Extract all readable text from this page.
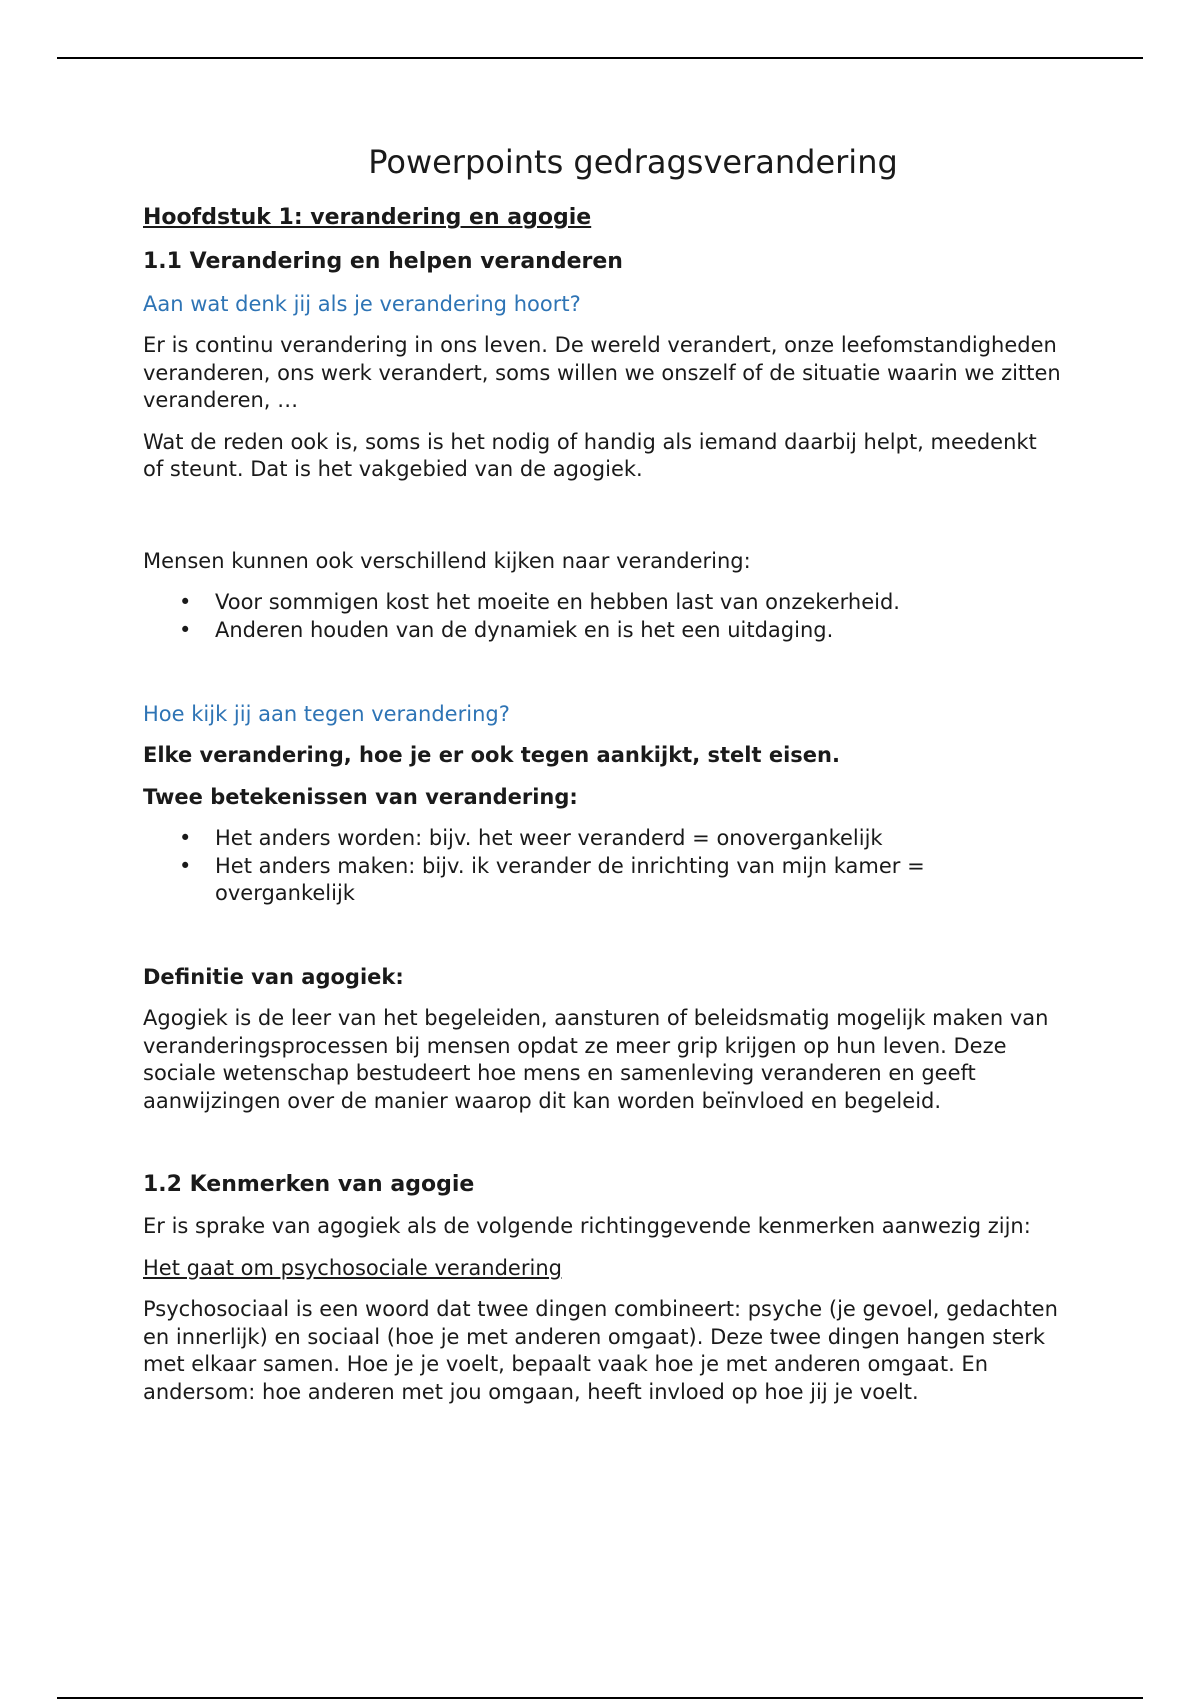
Powerpoints gedragsverandering
Hoofdstuk 1: verandering en agogie
1.1 Verandering en helpen veranderen
Aan wat denk jij als je verandering hoort?

Er is continu verandering in ons leven. De wereld verandert, onze leefomstandigheden veranderen, ons werk verandert, soms willen we onszelf of de situatie waarin we zitten veranderen, …

Wat de reden ook is, soms is het nodig of handig als iemand daarbij helpt, meedenkt of steunt. Dat is het vakgebied van de agogiek.

Mensen kunnen ook verschillend kijken naar verandering:

• Voor sommigen kost het moeite en hebben last van onzekerheid.
• Anderen houden van de dynamiek en is het een uitdaging.
Hoe kijk jij aan tegen verandering?

Elke verandering, hoe je er ook tegen aankijkt, stelt eisen.

Twee betekenissen van verandering:

• Het anders worden: bijv. het weer veranderd = onovergankelijk
• Het anders maken: bijv. ik verander de inrichting van mijn kamer = overgankelijk

Definitie van agogiek:

Agogiek is de leer van het begeleiden, aansturen of beleidsmatig mogelijk maken van veranderingsprocessen bij mensen opdat ze meer grip krijgen op hun leven. Deze sociale wetenschap bestudeert hoe mens en samenleving veranderen en geeft aanwijzingen over de manier waarop dit kan worden beïnvloed en begeleid.

1.2 Kenmerken van agogie

Er is sprake van agogiek als de volgende richtinggevende kenmerken aanwezig zijn:

Het gaat om psychosociale verandering

Psychosociaal is een woord dat twee dingen combineert: psyche (je gevoel, gedachten en innerlijk) en sociaal (hoe je met anderen omgaat). Deze twee dingen hangen sterk met elkaar samen. Hoe je je voelt, bepaalt vaak hoe je met anderen omgaat. En andersom: hoe anderen met jou omgaan, heeft invloed op hoe jij je voelt.
